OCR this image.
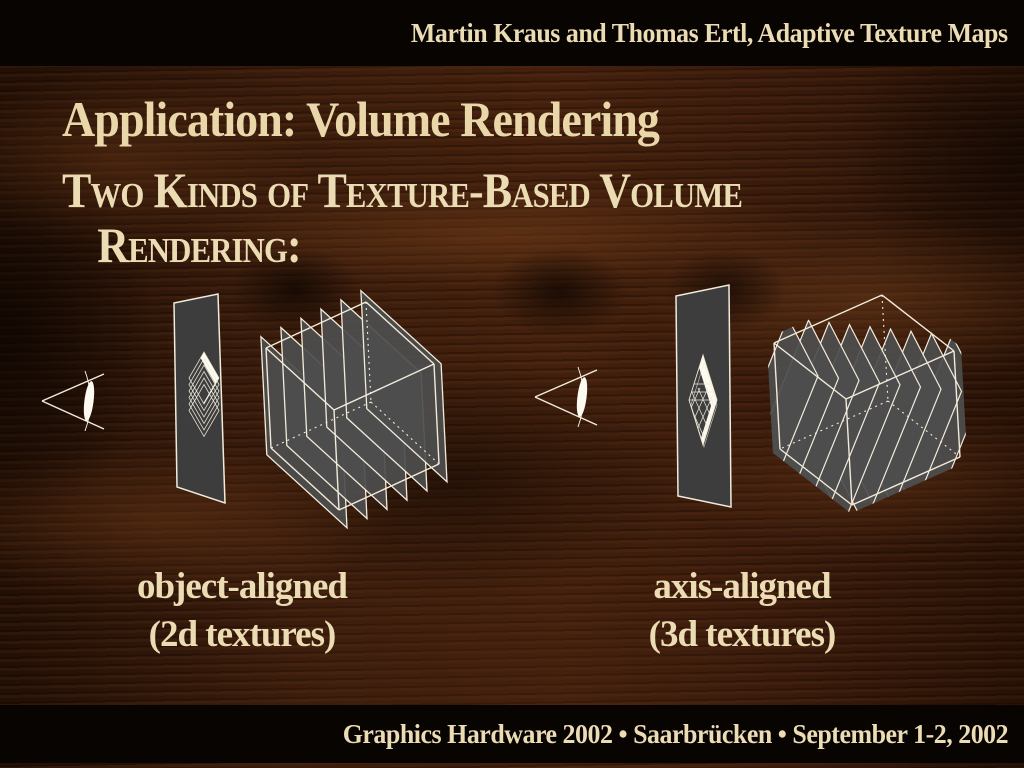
Martin Kraus and Thomas Ertl, Adaptive Texture Maps
Application: Volume Rendering
Two Kinds of Texture-Based Volume
Rendering:
object-aligned
(2d textures)
axis-aligned
(3d textures)
Graphics Hardware 2002 • Saarbrücken • September 1-2, 2002
